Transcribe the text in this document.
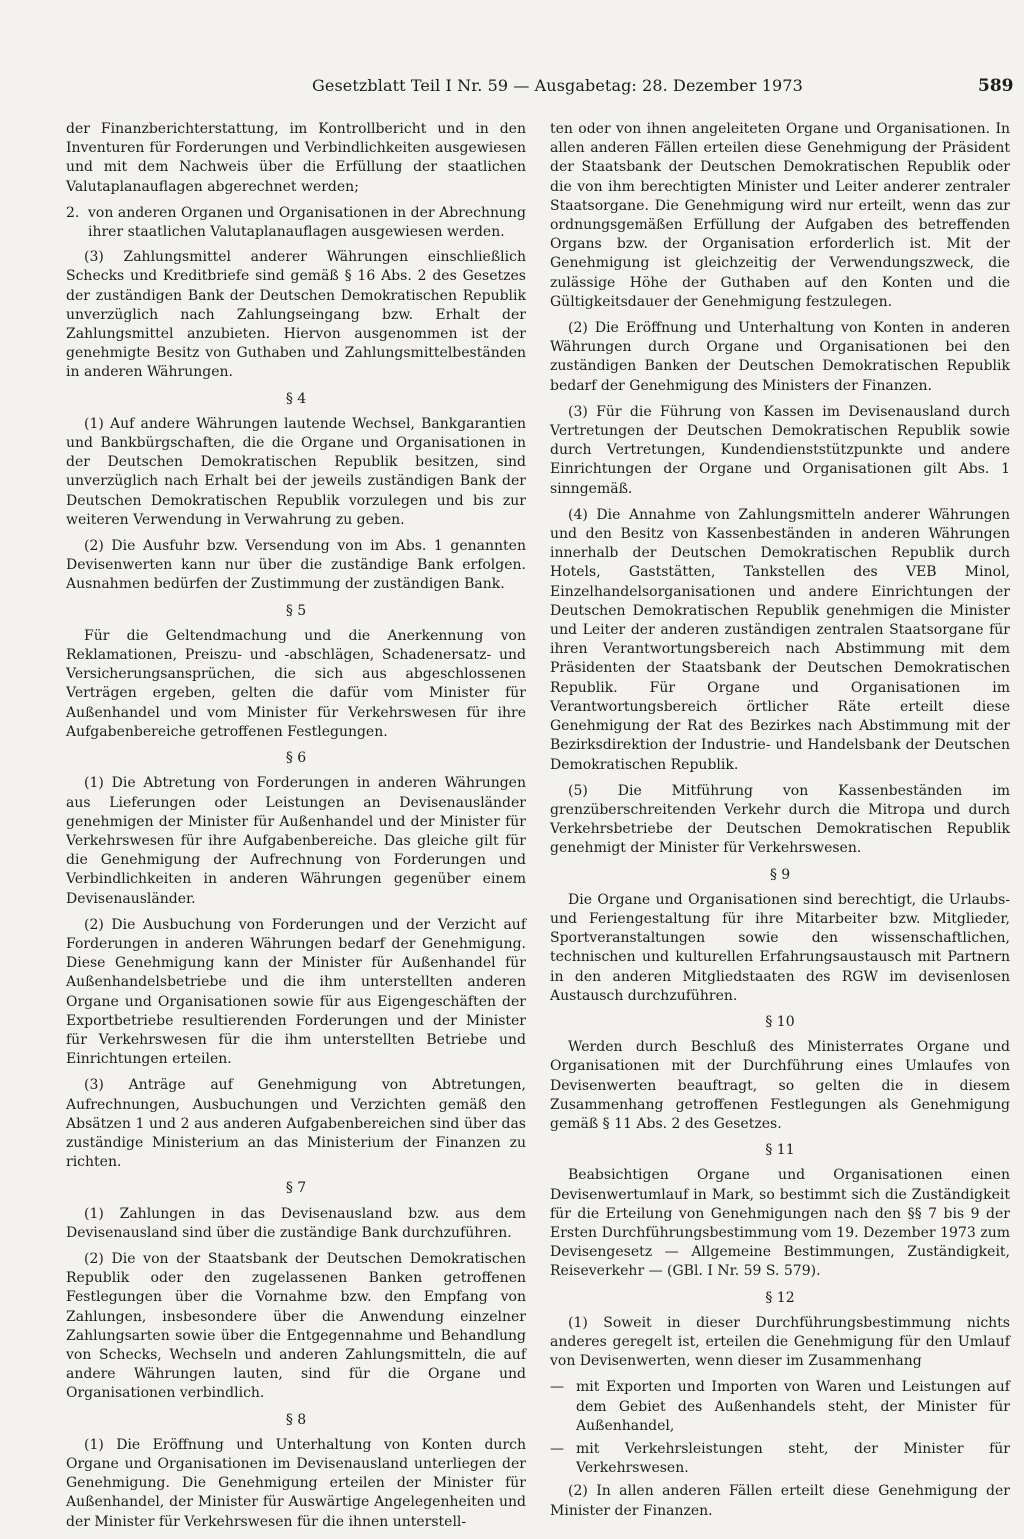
Gesetzblatt Teil I Nr. 59 — Ausgabetag: 28. Dezember 1973	589

der Finanzberichterstattung, im Kontrollbericht und in den Inventuren für Forderungen und Verbindlichkeiten ausgewiesen und mit dem Nachweis über die Erfüllung der staatlichen Valutaplanauflagen abgerechnet werden;

2. von anderen Organen und Organisationen in der Abrechnung ihrer staatlichen Valutaplanauflagen ausgewiesen werden.

(3) Zahlungsmittel anderer Währungen einschließlich Schecks und Kreditbriefe sind gemäß § 16 Abs. 2 des Gesetzes der zuständigen Bank der Deutschen Demokratischen Republik unverzüglich nach Zahlungseingang bzw. Erhalt der Zahlungsmittel anzubieten. Hiervon ausgenommen ist der genehmigte Besitz von Guthaben und Zahlungsmittelbeständen in anderen Währungen.

§ 4

(1) Auf andere Währungen lautende Wechsel, Bankgarantien und Bankbürgschaften, die die Organe und Organisationen in der Deutschen Demokratischen Republik besitzen, sind unverzüglich nach Erhalt bei der jeweils zuständigen Bank der Deutschen Demokratischen Republik vorzulegen und bis zur weiteren Verwendung in Verwahrung zu geben.

(2) Die Ausfuhr bzw. Versendung von im Abs. 1 genannten Devisenwerten kann nur über die zuständige Bank erfolgen. Ausnahmen bedürfen der Zustimmung der zuständigen Bank.

§ 5

Für die Geltendmachung und die Anerkennung von Reklamationen, Preiszu- und -abschlägen, Schadenersatz- und Versicherungsansprüchen, die sich aus abgeschlossenen Verträgen ergeben, gelten die dafür vom Minister für Außenhandel und vom Minister für Verkehrswesen für ihre Aufgabenbereiche getroffenen Festlegungen.

§ 6

(1) Die Abtretung von Forderungen in anderen Währungen aus Lieferungen oder Leistungen an Devisenausländer genehmigen der Minister für Außenhandel und der Minister für Verkehrswesen für ihre Aufgabenbereiche. Das gleiche gilt für die Genehmigung der Aufrechnung von Forderungen und Verbindlichkeiten in anderen Währungen gegenüber einem Devisenausländer.

(2) Die Ausbuchung von Forderungen und der Verzicht auf Forderungen in anderen Währungen bedarf der Genehmigung. Diese Genehmigung kann der Minister für Außenhandel für Außenhandelsbetriebe und die ihm unterstellten anderen Organe und Organisationen sowie für aus Eigengeschäften der Exportbetriebe resultierenden Forderungen und der Minister für Verkehrswesen für die ihm unterstellten Betriebe und Einrichtungen erteilen.

(3) Anträge auf Genehmigung von Abtretungen, Aufrechnungen, Ausbuchungen und Verzichten gemäß den Absätzen 1 und 2 aus anderen Aufgabenbereichen sind über das zuständige Ministerium an das Ministerium der Finanzen zu richten.

§ 7

(1) Zahlungen in das Devisenausland bzw. aus dem Devisenausland sind über die zuständige Bank durchzuführen.

(2) Die von der Staatsbank der Deutschen Demokratischen Republik oder den zugelassenen Banken getroffenen Festlegungen über die Vornahme bzw. den Empfang von Zahlungen, insbesondere über die Anwendung einzelner Zahlungsarten sowie über die Entgegennahme und Behandlung von Schecks, Wechseln und anderen Zahlungsmitteln, die auf andere Währungen lauten, sind für die Organe und Organisationen verbindlich.

§ 8

(1) Die Eröffnung und Unterhaltung von Konten durch Organe und Organisationen im Devisenausland unterliegen der Genehmigung. Die Genehmigung erteilen der Minister für Außenhandel, der Minister für Auswärtige Angelegenheiten und der Minister für Verkehrswesen für die ihnen unterstell-

ten oder von ihnen angeleiteten Organe und Organisationen. In allen anderen Fällen erteilen diese Genehmigung der Präsident der Staatsbank der Deutschen Demokratischen Republik oder die von ihm berechtigten Minister und Leiter anderer zentraler Staatsorgane. Die Genehmigung wird nur erteilt, wenn das zur ordnungsgemäßen Erfüllung der Aufgaben des betreffenden Organs bzw. der Organisation erforderlich ist. Mit der Genehmigung ist gleichzeitig der Verwendungszweck, die zulässige Höhe der Guthaben auf den Konten und die Gültigkeitsdauer der Genehmigung festzulegen.

(2) Die Eröffnung und Unterhaltung von Konten in anderen Währungen durch Organe und Organisationen bei den zuständigen Banken der Deutschen Demokratischen Republik bedarf der Genehmigung des Ministers der Finanzen.

(3) Für die Führung von Kassen im Devisenausland durch Vertretungen der Deutschen Demokratischen Republik sowie durch Vertretungen, Kundendienststützpunkte und andere Einrichtungen der Organe und Organisationen gilt Abs. 1 sinngemäß.

(4) Die Annahme von Zahlungsmitteln anderer Währungen und den Besitz von Kassenbeständen in anderen Währungen innerhalb der Deutschen Demokratischen Republik durch Hotels, Gaststätten, Tankstellen des VEB Minol, Einzelhandelsorganisationen und andere Einrichtungen der Deutschen Demokratischen Republik genehmigen die Minister und Leiter der anderen zuständigen zentralen Staatsorgane für ihren Verantwortungsbereich nach Abstimmung mit dem Präsidenten der Staatsbank der Deutschen Demokratischen Republik. Für Organe und Organisationen im Verantwortungsbereich örtlicher Räte erteilt diese Genehmigung der Rat des Bezirkes nach Abstimmung mit der Bezirksdirektion der Industrie- und Handelsbank der Deutschen Demokratischen Republik.

(5) Die Mitführung von Kassenbeständen im grenzüberschreitenden Verkehr durch die Mitropa und durch Verkehrsbetriebe der Deutschen Demokratischen Republik genehmigt der Minister für Verkehrswesen.

§ 9

Die Organe und Organisationen sind berechtigt, die Urlaubs- und Feriengestaltung für ihre Mitarbeiter bzw. Mitglieder, Sportveranstaltungen sowie den wissenschaftlichen, technischen und kulturellen Erfahrungsaustausch mit Partnern in den anderen Mitgliedstaaten des RGW im devisenlosen Austausch durchzuführen.

§ 10

Werden durch Beschluß des Ministerrates Organe und Organisationen mit der Durchführung eines Umlaufes von Devisenwerten beauftragt, so gelten die in diesem Zusammenhang getroffenen Festlegungen als Genehmigung gemäß § 11 Abs. 2 des Gesetzes.

§ 11

Beabsichtigen Organe und Organisationen einen Devisenwertumlauf in Mark, so bestimmt sich die Zuständigkeit für die Erteilung von Genehmigungen nach den §§ 7 bis 9 der Ersten Durchführungsbestimmung vom 19. Dezember 1973 zum Devisengesetz — Allgemeine Bestimmungen, Zuständigkeit, Reiseverkehr — (GBl. I Nr. 59 S. 579).

§ 12

(1) Soweit in dieser Durchführungsbestimmung nichts anderes geregelt ist, erteilen die Genehmigung für den Umlauf von Devisenwerten, wenn dieser im Zusammenhang

— mit Exporten und Importen von Waren und Leistungen auf dem Gebiet des Außenhandels steht, der Minister für Außenhandel,
— mit Verkehrsleistungen steht, der Minister für Verkehrswesen.

(2) In allen anderen Fällen erteilt diese Genehmigung der Minister der Finanzen.
